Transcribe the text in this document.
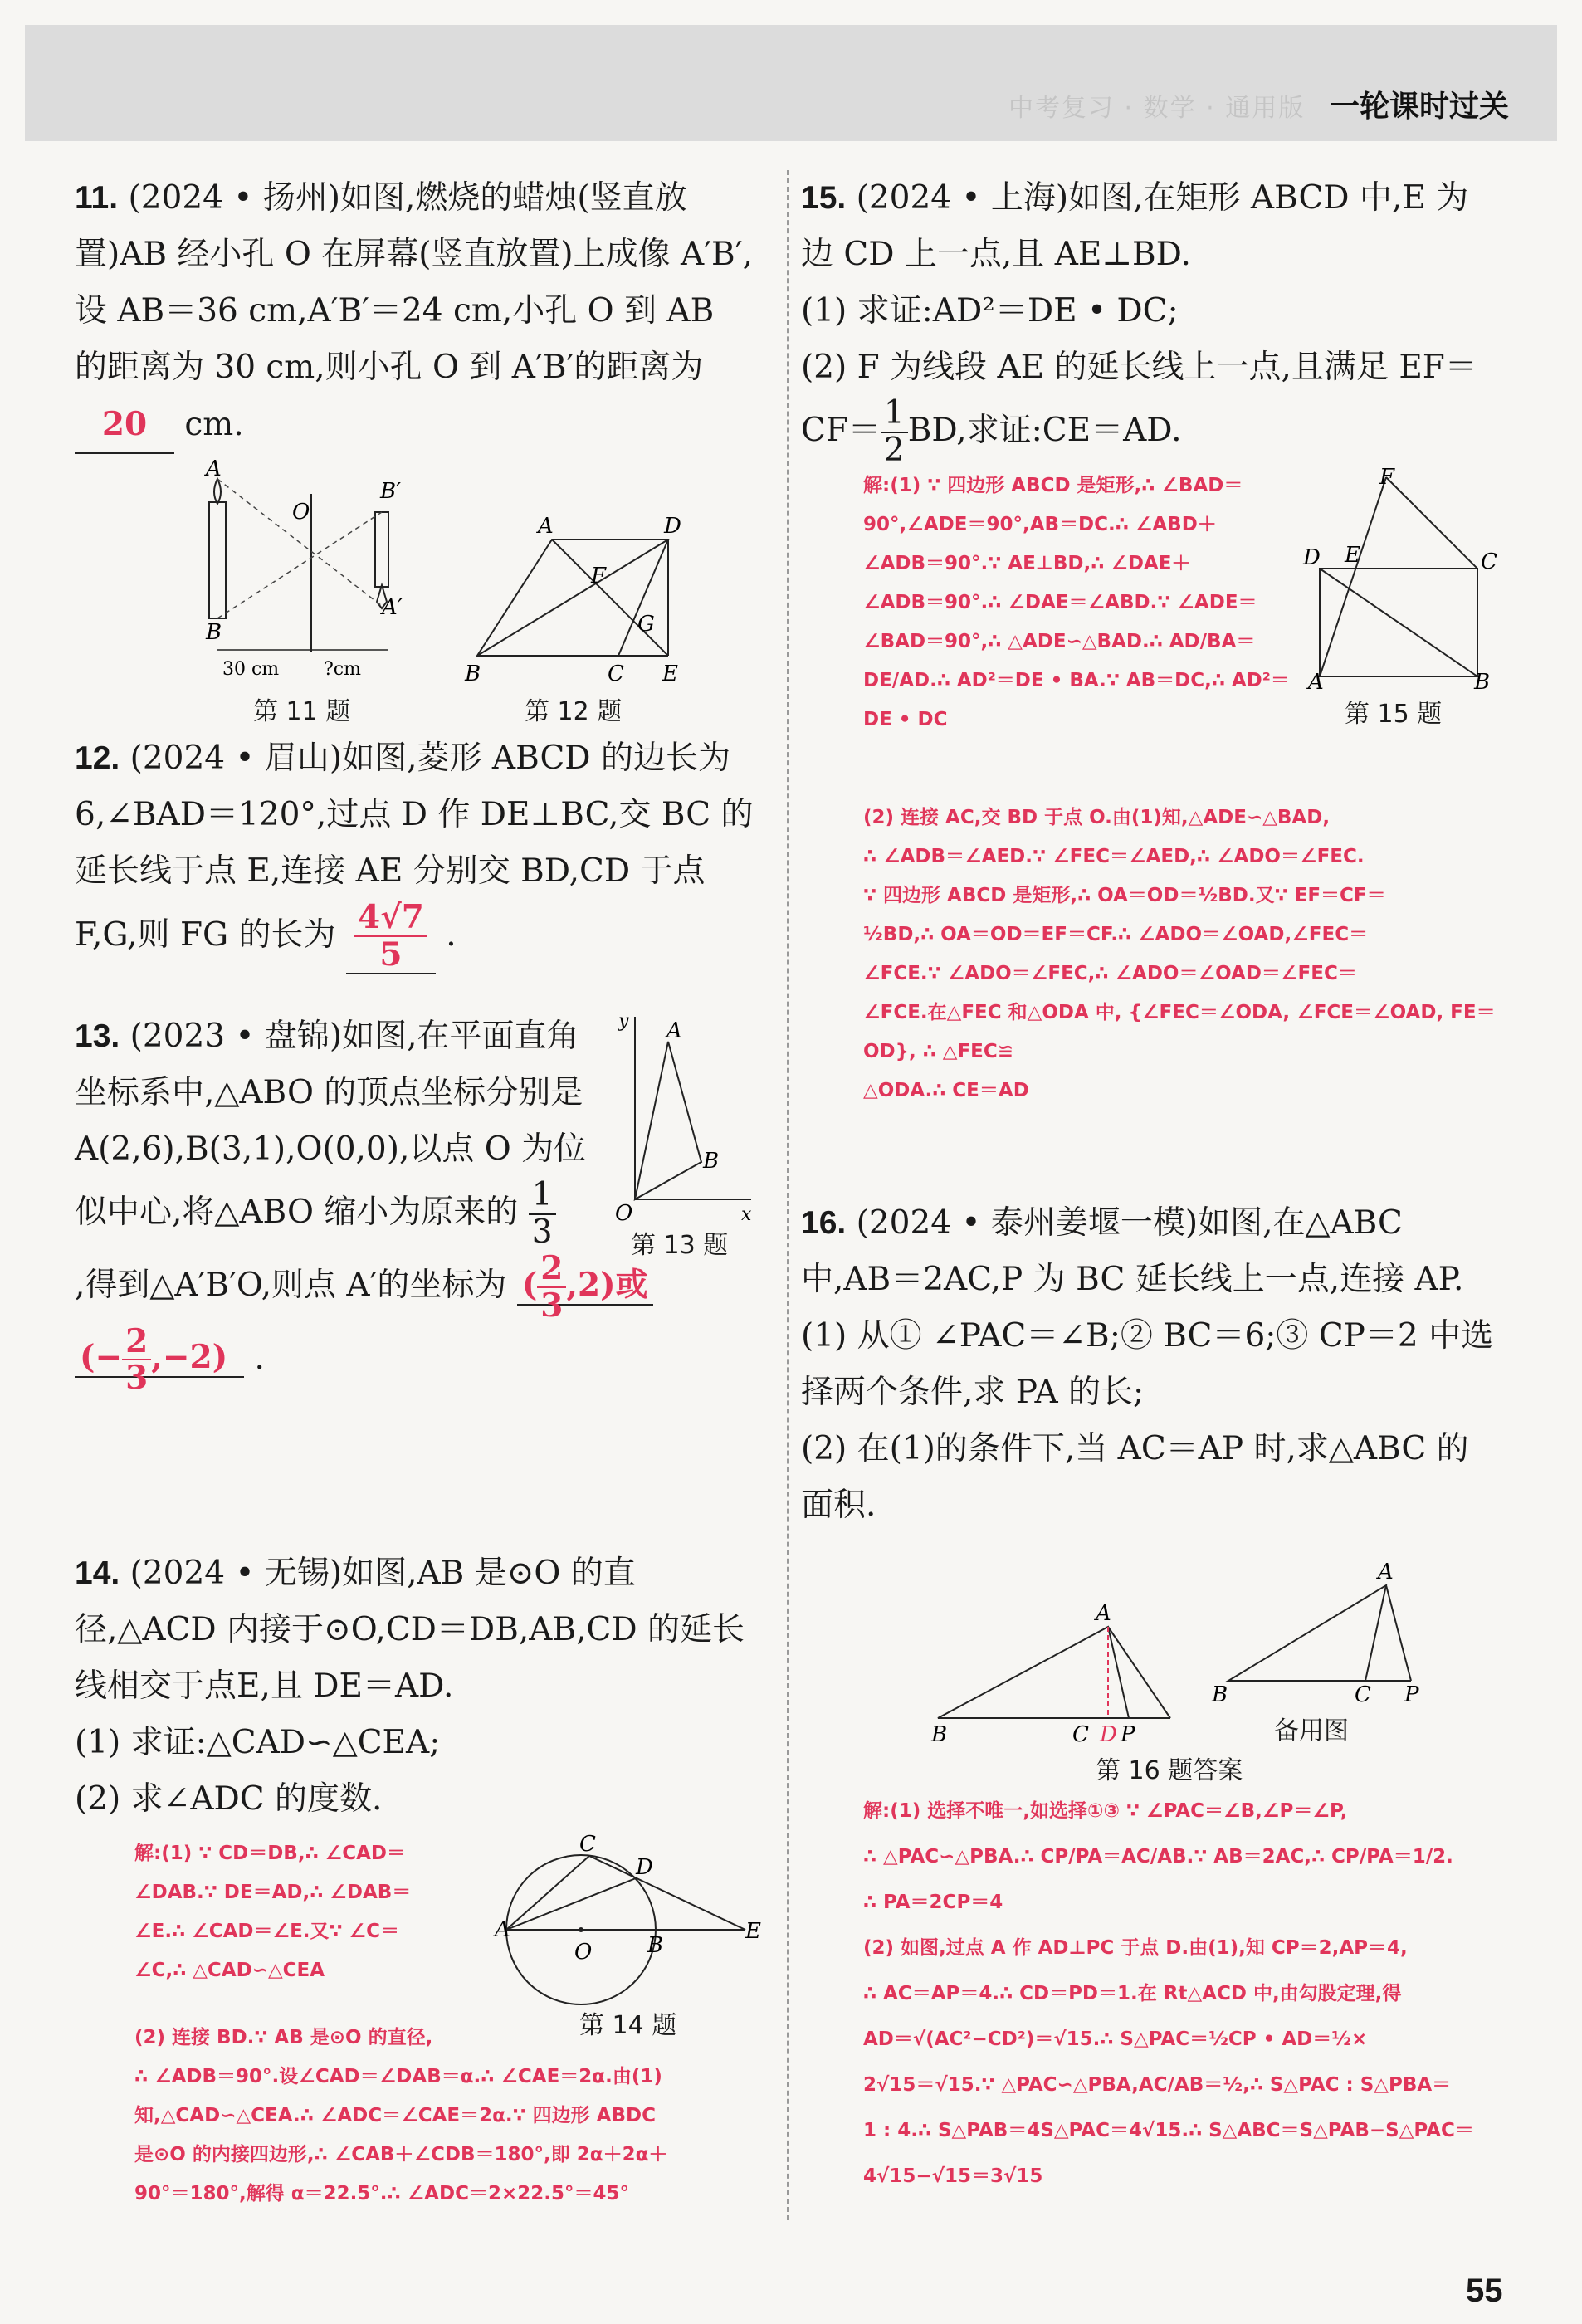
中考复习 · 数学 · 通用版 一轮课时过关
11. (2024 • 扬州)如图,燃烧的蜡烛(竖直放置)AB 经小孔 O 在屏幕(竖直放置)上成像 A′B′,设 AB＝36 cm,A′B′＝24 cm,小孔 O 到 AB 的距离为 30 cm,则小孔 O 到 A′B′的距离为 20 cm.
A
B
O
B′
A′
30 cm ?cm
第 11 题
A	D
F
G
B	C E
第 12 题
12. (2024 • 眉山)如图,菱形 ABCD 的边长为 6,∠BAD＝120°,过点 D 作 DE⊥BC,交 BC 的延长线于点 E,连接 AE 分别交 BD,CD 于点 F,G,则 FG 的长为 $\frac{4√7}{5}$ .
13. (2023 • 盘锦)如图,在平面直角坐标系中,△ABO 的顶点坐标分别是 A(2,6),B(3,1),O(0,0),以点 O 为位似中心,将△ABO 缩小为原来的 $\frac{1}{3}$
,得到△A′B′O,则点 A′的坐标为 ( $\frac{2}{3} ,2$)或
(− $\frac{2}{3} ,-2$) .
y A
B
O	x
第 13 题
14. (2024 • 无锡)如图,AB 是⊙O 的直径,△ACD 内接于⊙O,CD＝DB,AB,CD 的延长线相交于点E,且 DE＝AD.
(1) 求证:△CAD∽△CEA;
(2) 求∠ADC 的度数.

解:(1) ∵ CD＝DB,∴ ∠CAD＝

∠DAB.∵ DE＝AD,∴ ∠DAB＝

∠E.∴ ∠CAD＝∠E.又∵ ∠C＝

∠C,∴ △CAD∽△CEA

C
D
A
O	B
E
第 14 题

(2) 连接 BD.∵ AB 是⊙O 的直径,

∴ ∠ADB＝90°.设∠CAD＝∠DAB＝α.∴ ∠CAE＝2α.由(1)

知,△CAD∽△CEA.∴ ∠ADC＝∠CAE＝2α.∵ 四边形 ABDC

是⊙O 的内接四边形,∴ ∠CAB＋∠CDB＝180°,即 2α＋2α＋

90°＝180°,解得 α＝22.5°.∴ ∠ADC＝2×22.5°＝45°

15. (2024 • 上海)如图,在矩形 ABCD 中,E 为边 CD 上一点,且 AE⊥BD.
(1) 求证:AD²＝DE • DC;
(2) F 为线段 AE 的延长线上一点,且满足 $EF=CF= \frac{1}{2}$ BD,求证:CE＝AD.

解:(1) ∵ 四边形 ABCD 是矩形,∴ ∠BAD＝

90°,∠ADE＝90°,AB＝DC.∴ ∠ABD＋

∠ADB＝90°.∵ AE⊥BD,∴ ∠DAE＋

∠ADB＝90°.∴ ∠DAE＝∠ABD.∵ ∠ADE＝

∠BAD＝90°,∴ △ADE∽△BAD.∴ AD/BA＝

DE/AD.∴ AD²＝DE • BA.∵ AB＝DC,∴ AD²＝

DE • DC

F
D E	C
A	B
第 15 题

(2) 连接 AC,交 BD 于点 O.由(1)知,△ADE∽△BAD,

∴ ∠ADB＝∠AED.∵ ∠FEC＝∠AED,∴ ∠ADO＝∠FEC.

∵ 四边形 ABCD 是矩形,∴ OA＝OD＝½BD.又∵ EF＝CF＝

½BD,∴ OA＝OD＝EF＝CF.∴ ∠ADO＝∠OAD,∠FEC＝

∠FCE.∵ ∠ADO＝∠FEC,∴ ∠ADO＝∠OAD＝∠FEC＝

∠FCE.在△FEC 和△ODA 中, {∠FEC＝∠ODA, ∠FCE＝∠OAD, FE＝OD}, ∴ △FEC≌

△ODA.∴ CE＝AD

16. (2024 • 泰州姜堰一模)如图,在△ABC 中,AB＝2AC,P 为 BC 延长线上一点,连接 AP.
(1) 从① ∠PAC＝∠B;② BC＝6;③ CP＝2 中选择两个条件,求 PA 的长;
(2) 在(1)的条件下,当 AC＝AP 时,求△ABC 的面积.
A
B	C D P
A
B	C P
备用图
第 16 题答案

解:(1) 选择不唯一,如选择①③ ∵ ∠PAC＝∠B,∠P＝∠P,

∴ △PAC∽△PBA.∴ CP/PA＝AC/AB.∵ AB＝2AC,∴ CP/PA＝1/2.

∴ PA＝2CP＝4

(2) 如图,过点 A 作 AD⊥PC 于点 D.由(1),知 CP＝2,AP＝4,

∴ AC＝AP＝4.∴ CD＝PD＝1.在 Rt△ACD 中,由勾股定理,得

AD＝√(AC²−CD²)＝√15.∴ S△PAC＝½CP • AD＝½×

2√15＝√15.∵ △PAC∽△PBA,AC/AB＝½,∴ S△PAC : S△PBA＝

1 : 4.∴ S△PAB＝4S△PAC＝4√15.∴ S△ABC＝S△PAB−S△PAC＝

4√15−√15＝3√15

55
